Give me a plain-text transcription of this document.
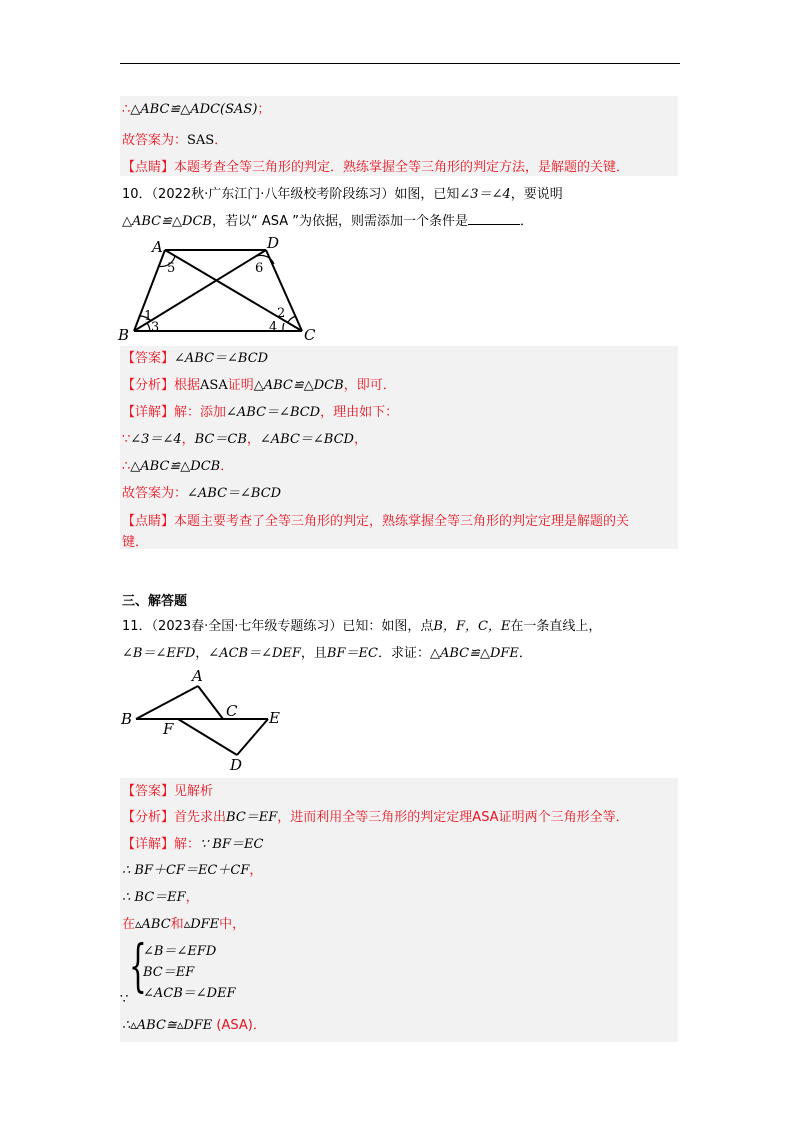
∴△ABC≌△ADC(SAS)；
故答案为：SAS．
【点睛】本题考查全等三角形的判定．熟练掌握全等三角形的判定方法，是解题的关键．
10．（2022秋·广东江门·八年级校考阶段练习）如图，已知∠3＝∠4，要说明
△ABC≌△DCB，若以“ ASA ”为依据，则需添加一个条件是	．
A	D
B	C
5	6
1	2
3	4
【答案】∠ABC＝∠BCD
【分析】根据ASA证明△ABC≌△DCB，即可．
【详解】解：添加∠ABC＝∠BCD，理由如下：
∵∠3＝∠4，BC＝CB，∠ABC＝∠BCD，
∴△ABC≌△DCB．
故答案为：∠ABC＝∠BCD
【点睛】本题主要考查了全等三角形的判定，熟练掌握全等三角形的判定定理是解题的关
键．
三、解答题
11．（2023春·全国·七年级专题练习）已知：如图，点B，F，C，E在一条直线上，
∠B＝∠EFD，∠ACB＝∠DEF，且BF＝EC．求证：△ABC≌△DFE．
A
B	C E
F
D
【答案】见解析
【分析】首先求出BC＝EF，进而利用全等三角形的判定定理ASA证明两个三角形全等．
【详解】解：∵ BF＝EC
∴ BF＋CF＝EC＋CF，
∴ BC＝EF，
在▵ABC和▵DFE中，
{
∵
∠B＝∠EFD
BC＝EF
∠ACB＝∠DEF
∴▵ABC≅▵DFE (ASA)．
